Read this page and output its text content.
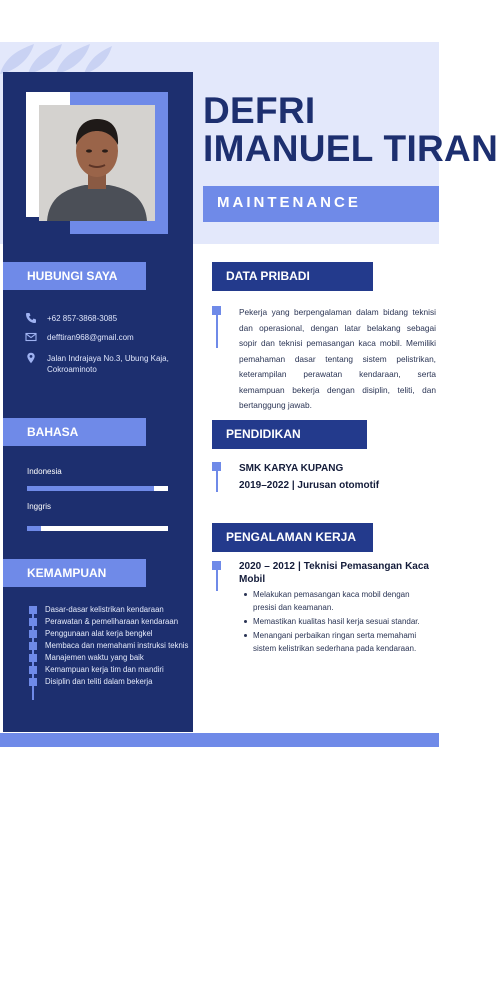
DEFRI
IMANUEL TIRAN
MAINTENANCE
HUBUNGI SAYA
+62 857-3868-3085
defftiran968@gmail.com
Jalan Indrajaya No.3, Ubung Kaja, Cokroaminoto
BAHASA
Indonesia
Inggris
KEMAMPUAN
Dasar-dasar kelistrikan kendaraan
Perawatan & pemeliharaan kendaraan
Penggunaan alat kerja bengkel
Membaca dan memahami instruksi teknis
Manajemen waktu yang baik
Kemampuan kerja tim dan mandiri
Disiplin dan teliti dalam bekerja
DATA PRIBADI
Pekerja yang berpengalaman dalam bidang teknisi dan operasional, dengan latar belakang sebagai sopir dan teknisi pemasangan kaca mobil. Memiliki pemahaman dasar tentang sistem pelistrikan, keterampilan perawatan kendaraan, serta kemampuan bekerja dengan disiplin, teliti, dan bertanggung jawab.
PENDIDIKAN
SMK KARYA KUPANG
2019–2022 | Jurusan otomotif
PENGALAMAN KERJA
2020 – 2012 | Teknisi Pemasangan Kaca Mobil
Melakukan pemasangan kaca mobil dengan presisi dan keamanan.
Memastikan kualitas hasil kerja sesuai standar.
Menangani perbaikan ringan serta memahami sistem kelistrikan sederhana pada kendaraan.
